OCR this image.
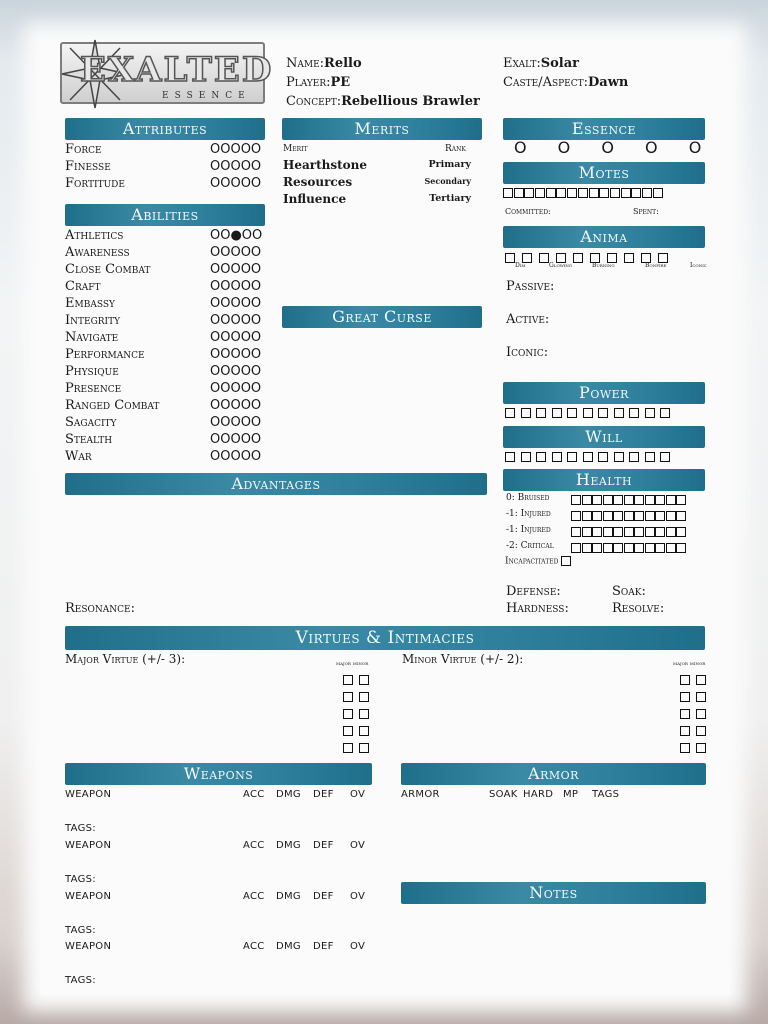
EXALTED
ESSENCE
Name:Rello
Player:PE
Concept:Rebellious Brawler
Exalt:Solar
Caste/Aspect:Dawn
Attributes
Abilities
Merits
Merit	Rank
Great Curse
Essence
O O O O O
Motes
Committed:	Spent:
Anima
Passive:
Active:
Iconic:
Power
Will
Health
Incapacitated
Defense:	Soak:
Hardness:	Resolve:
Advantages
Resonance:
Virtues & Intimacies
Major Virtue (+/- 3):	Minor Virtue (+/- 2):
major minor	major minor
Weapons	Armor
Notes
Force	OOOOO
Finesse	OOOOO
Fortitude	OOOOO
Athletics	OO●OO
Awareness	OOOOO
Close Combat	OOOOO
Craft	OOOOO
Embassy	OOOOO
Integrity	OOOOO
Navigate	OOOOO
Performance	OOOOO
Physique	OOOOO
Presence	OOOOO
Ranged Combat	OOOOO
Sagacity	OOOOO
Stealth	OOOOO
War	OOOOO
Hearthstone	Primary
Resources	Secondary
Influence	Tertiary
Dim	Glowing	Burning	Bonfire	Iconic
0: Bruised
-1: Injured
-1: Injured
-2: Critical
WEAPON	ACC DMG DEF OV
TAGS:
WEAPON	ACC DMG DEF OV
TAGS:
WEAPON	ACC DMG DEF OV
TAGS:
WEAPON	ACC DMG DEF OV
TAGS:
ARMOR	SOAK HARD MP TAGS
